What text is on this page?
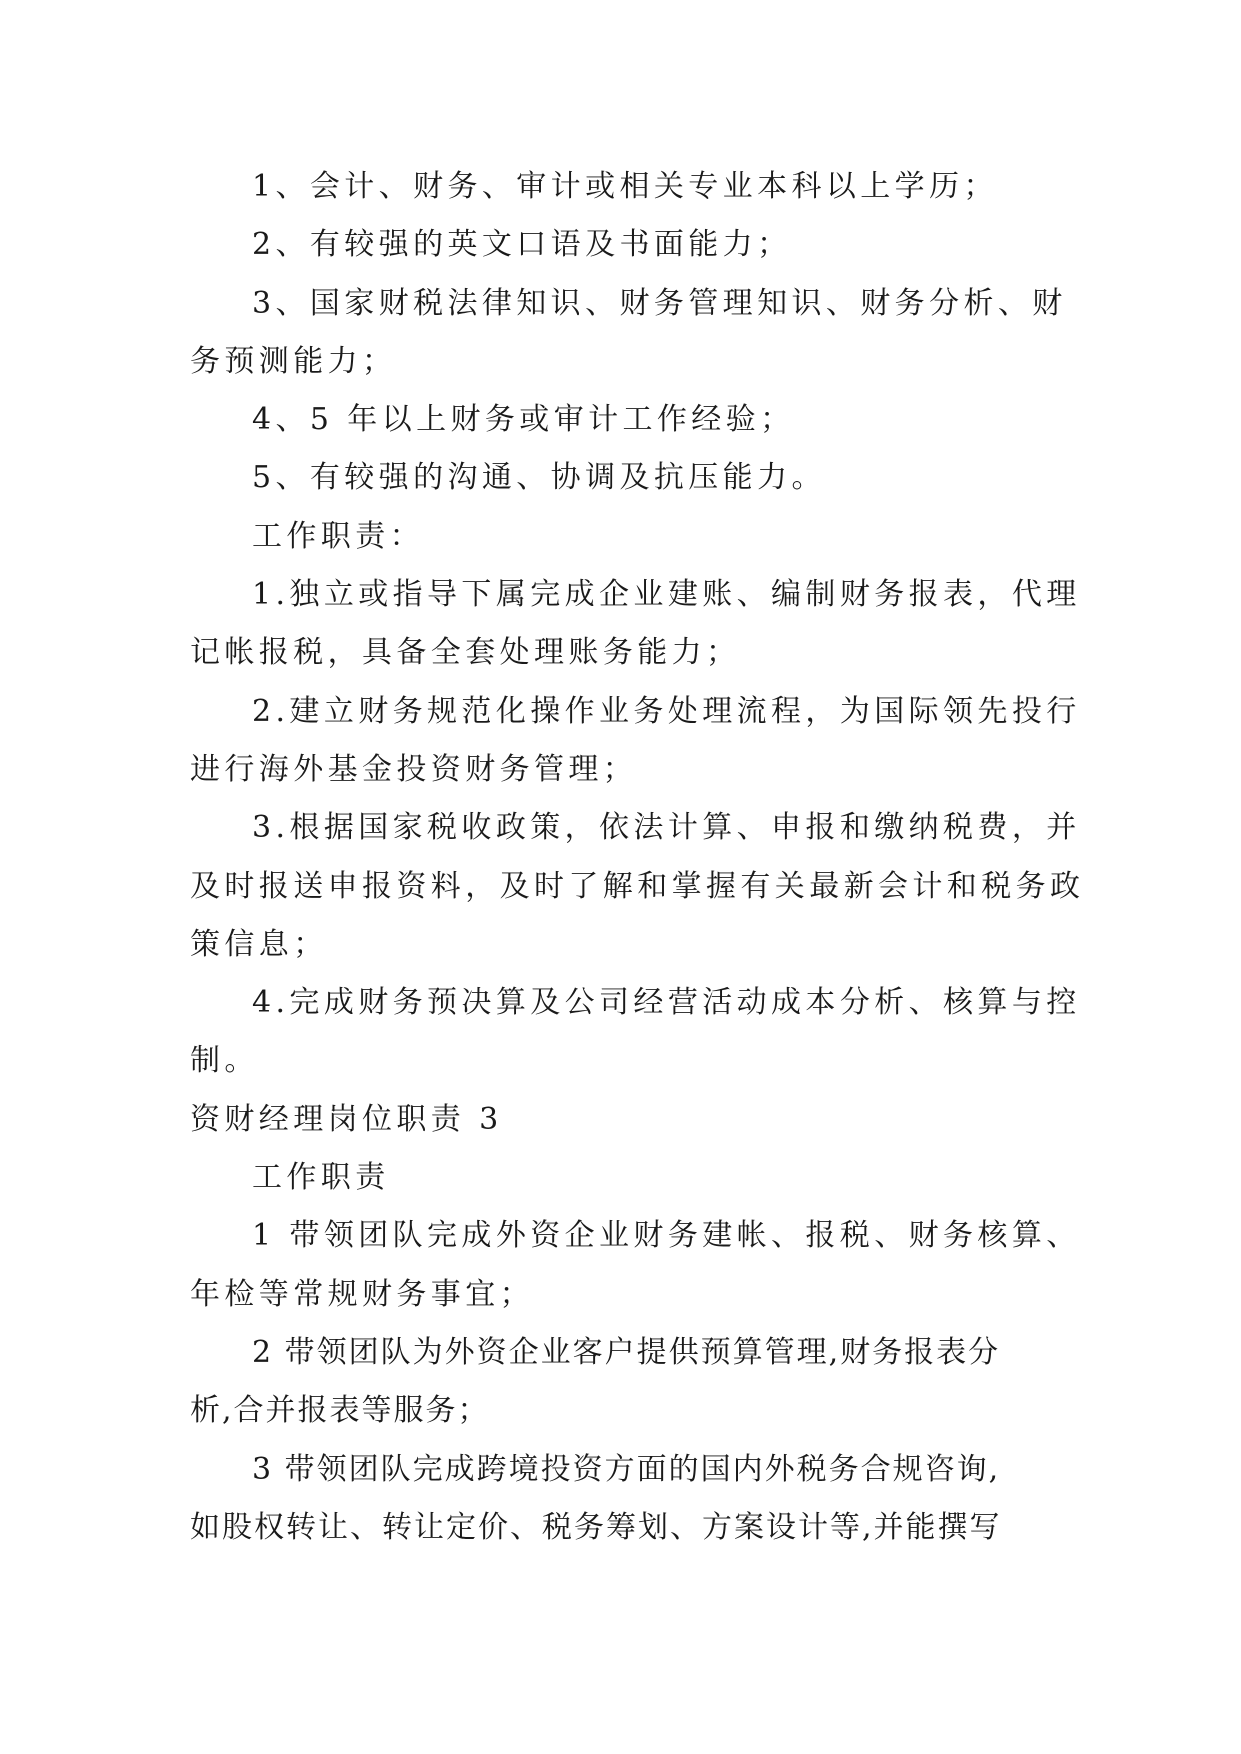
1、会计、财务、审计或相关专业本科以上学历；

2、有较强的英文口语及书面能力；

3、国家财税法律知识、财务管理知识、财务分析、财

务预测能力；

4、5 年以上财务或审计工作经验；

5、有较强的沟通、协调及抗压能力。

工作职责：

1.独立或指导下属完成企业建账、编制财务报表，代理

记帐报税，具备全套处理账务能力；

2.建立财务规范化操作业务处理流程，为国际领先投行

进行海外基金投资财务管理；

3.根据国家税收政策，依法计算、申报和缴纳税费，并

及时报送申报资料，及时了解和掌握有关最新会计和税务政

策信息；

4.完成财务预决算及公司经营活动成本分析、核算与控

制。

资财经理岗位职责 3

工作职责

1 带领团队完成外资企业财务建帐、报税、财务核算、

年检等常规财务事宜；

2 带领团队为外资企业客户提供预算管理,财务报表分

析,合并报表等服务；

3 带领团队完成跨境投资方面的国内外税务合规咨询,

如股权转让、转让定价、税务筹划、方案设计等,并能撰写
